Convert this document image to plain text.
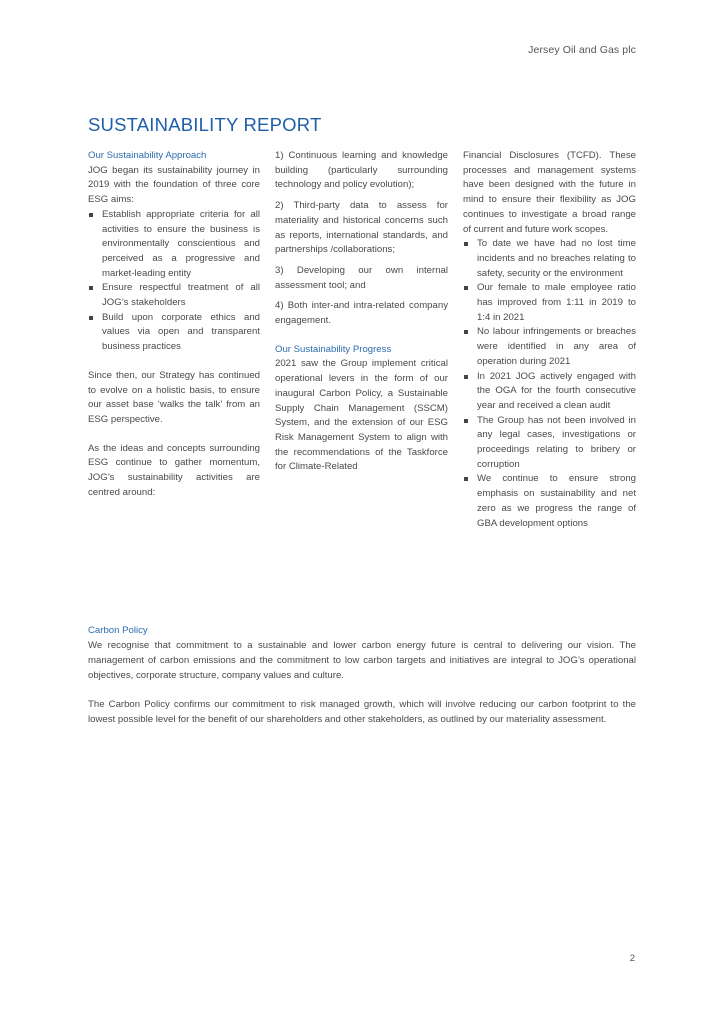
Jersey Oil and Gas plc
SUSTAINABILITY REPORT

Our Sustainability Approach

JOG began its sustainability journey in 2019 with the foundation of three core ESG aims:

Establish appropriate criteria for all activities to ensure the business is environmentally conscientious and perceived as a progressive and market-leading entity
Ensure respectful treatment of all JOG’s stakeholders
Build upon corporate ethics and values via open and transparent business practices

Since then, our Strategy has continued to evolve on a holistic basis, to ensure our asset base ‘walks the talk’ from an ESG perspective.

As the ideas and concepts surrounding ESG continue to gather momentum, JOG’s sustainability activities are centred around:

1) Continuous learning and knowledge building (particularly surrounding technology and policy evolution);

2) Third-party data to assess for materiality and historical concerns such as reports, international standards, and partnerships /collaborations;

3) Developing our own internal assessment tool; and

4) Both inter-and intra-related company engagement.

Our Sustainability Progress

2021 saw the Group implement critical operational levers in the form of our inaugural Carbon Policy, a Sustainable Supply Chain Management (SSCM) System, and the extension of our ESG Risk Management System to align with the recommendations of the Taskforce for Climate-Related

Financial Disclosures (TCFD). These processes and management systems have been designed with the future in mind to ensure their flexibility as JOG continues to investigate a broad range of current and future work scopes.

To date we have had no lost time incidents and no breaches relating to safety, security or the environment
Our female to male employee ratio has improved from 1:11 in 2019 to 1:4 in 2021
No labour infringements or breaches were identified in any area of operation during 2021
In 2021 JOG actively engaged with the OGA for the fourth consecutive year and received a clean audit
The Group has not been involved in any legal cases, investigations or proceedings relating to bribery or corruption
We continue to ensure strong emphasis on sustainability and net zero as we progress the range of GBA development options

Carbon Policy

We recognise that commitment to a sustainable and lower carbon energy future is central to delivering our vision. The management of carbon emissions and the commitment to low carbon targets and initiatives are integral to JOG’s operational objectives, corporate structure, company values and culture.

The Carbon Policy confirms our commitment to risk managed growth, which will involve reducing our carbon footprint to the lowest possible level for the benefit of our shareholders and other stakeholders, as outlined by our materiality assessment.

2
